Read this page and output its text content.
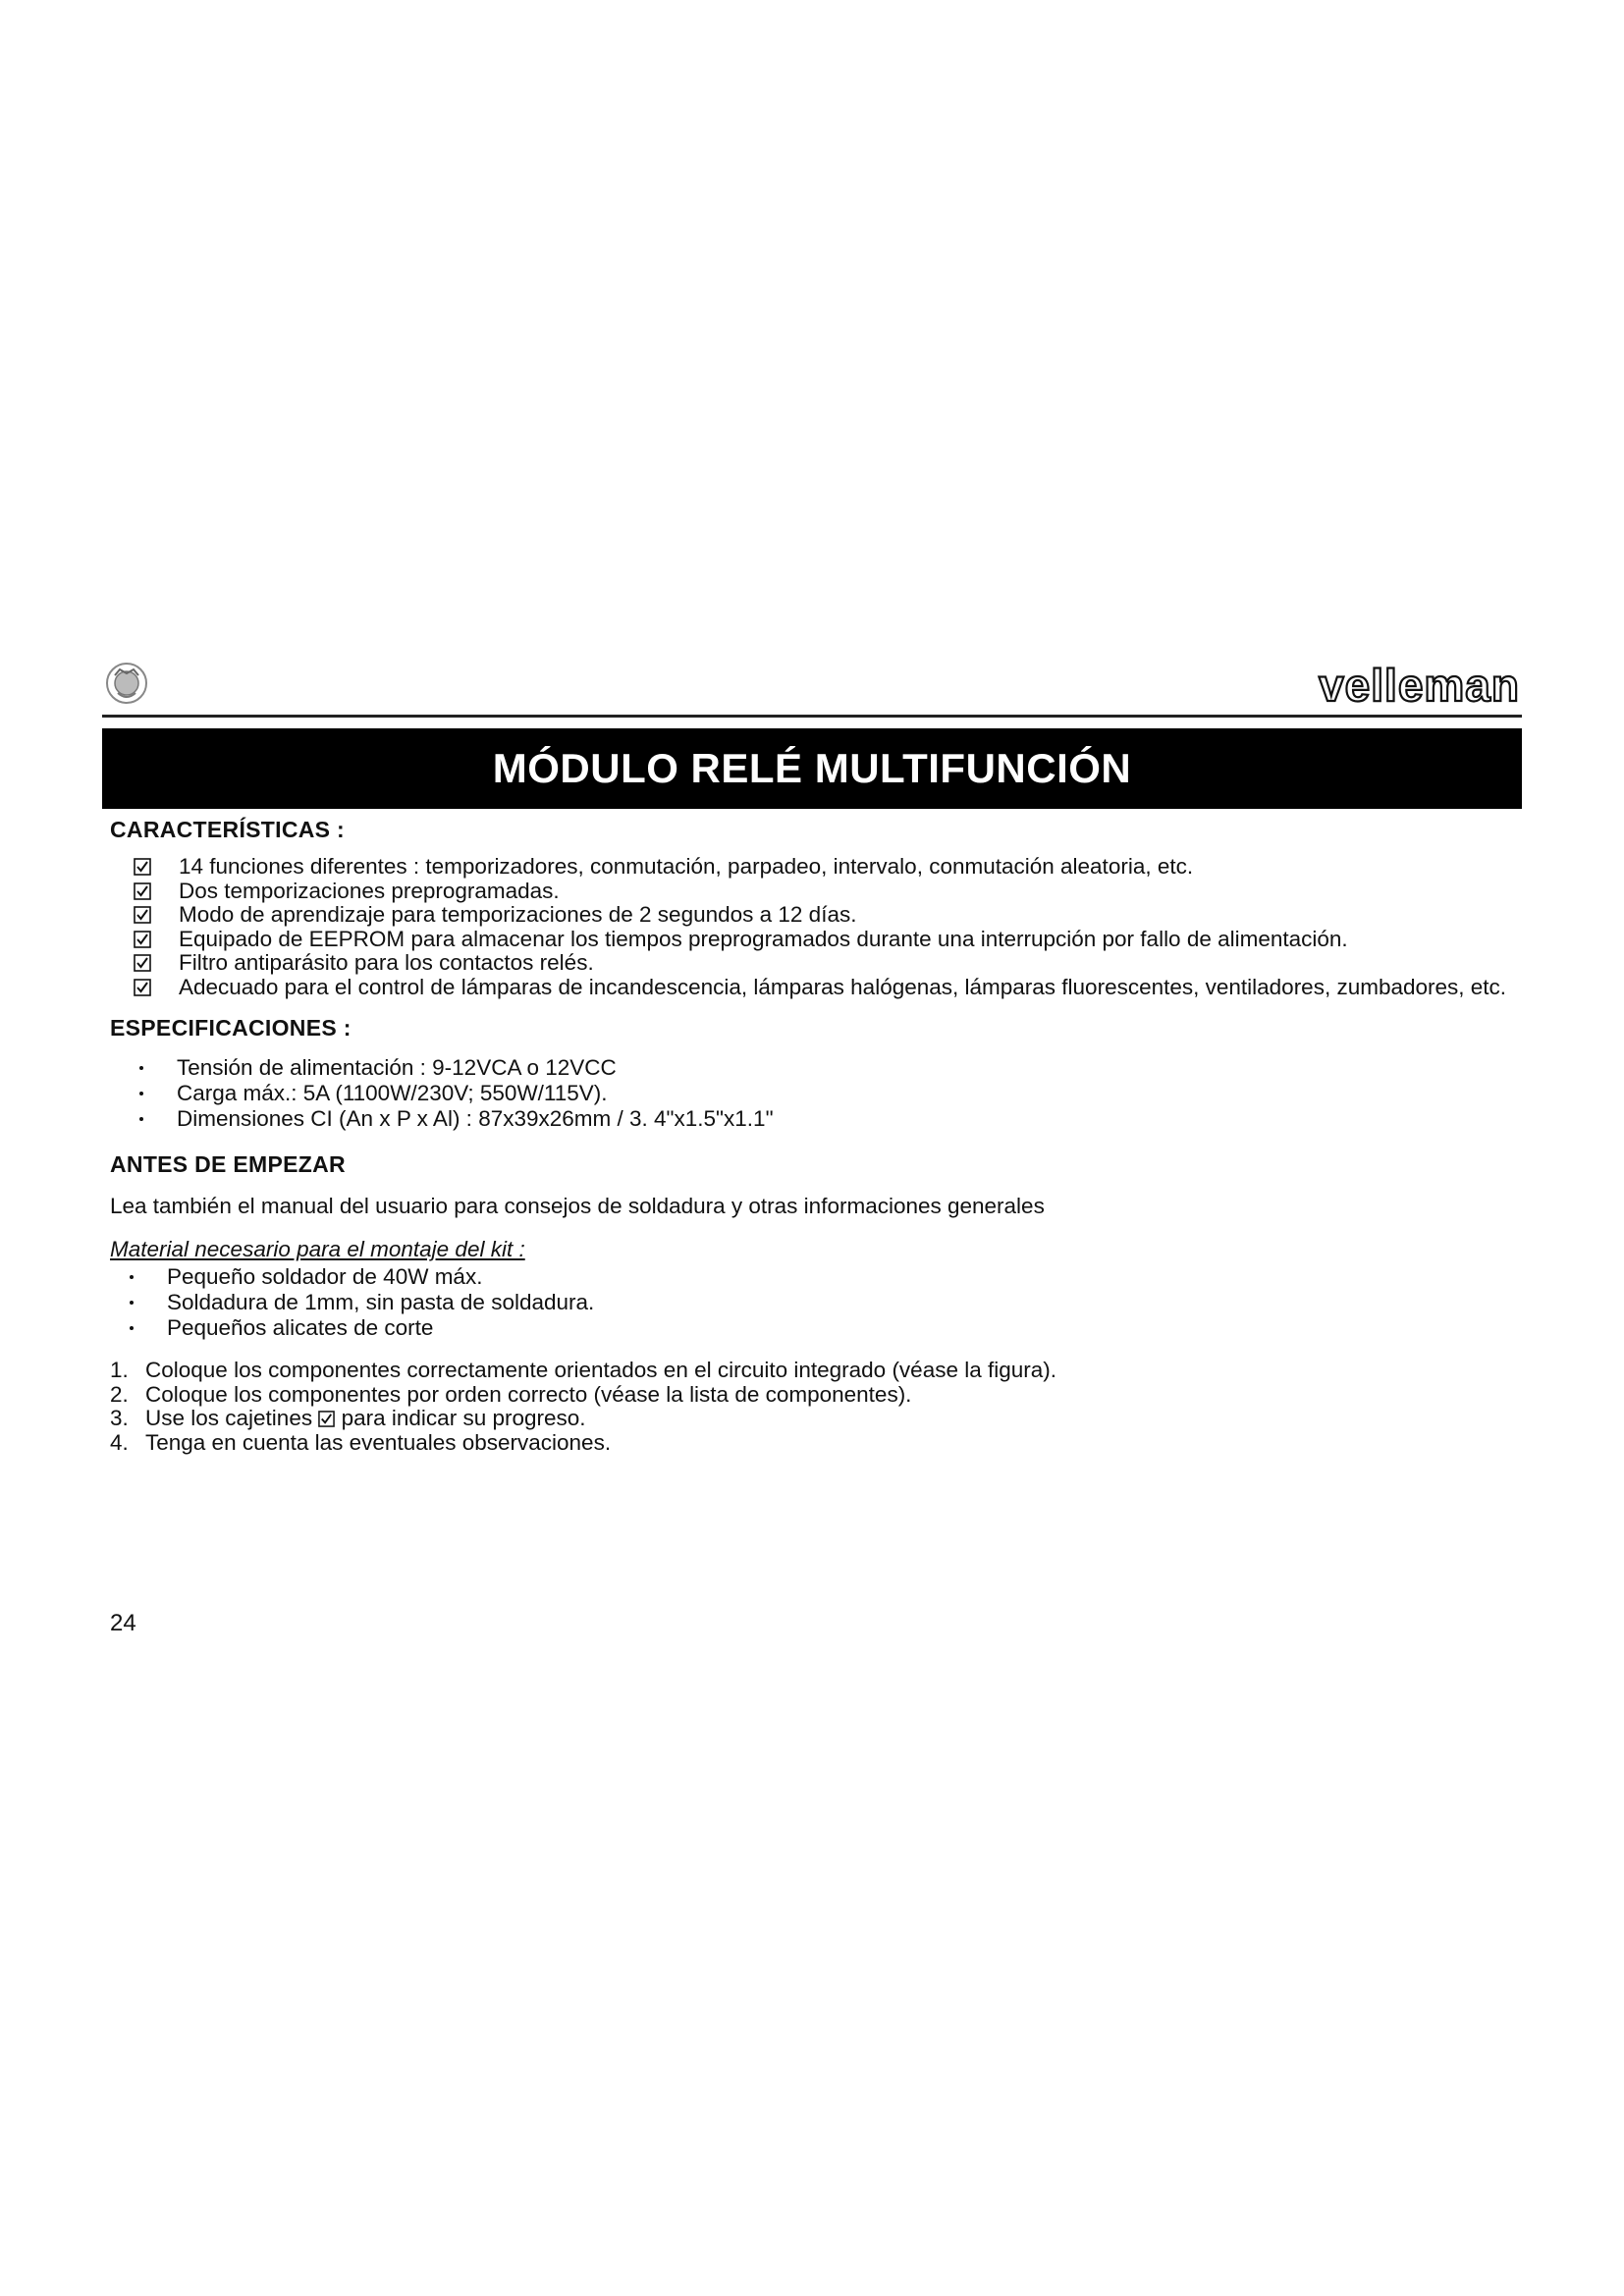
velleman
MÓDULO RELÉ MULTIFUNCIÓN
CARACTERÍSTICAS :
14 funciones diferentes : temporizadores, conmutación, parpadeo, intervalo, conmutación aleatoria, etc.
Dos temporizaciones preprogramadas.
Modo de aprendizaje para temporizaciones de 2 segundos a 12 días.
Equipado de EEPROM para almacenar los tiempos preprogramados durante una interrupción por fallo de alimentación.
Filtro antiparásito para los contactos relés.
Adecuado para el control de lámparas de incandescencia, lámparas halógenas, lámparas fluorescentes, ventiladores, zumbadores, etc.
ESPECIFICACIONES :
Tensión de alimentación : 9-12VCA o 12VCC
Carga máx.: 5A (1100W/230V; 550W/115V).
Dimensiones CI (An x P x Al) : 87x39x26mm / 3. 4"x1.5"x1.1"
ANTES DE EMPEZAR

Lea también el manual del usuario para consejos de soldadura y otras informaciones generales

Material necesario para el montaje del kit :

Pequeño soldador de 40W máx.
Soldadura de 1mm, sin pasta de soldadura.
Pequeños alicates de corte
1. Coloque los componentes correctamente orientados en el circuito integrado (véase la figura).
2. Coloque los componentes por orden correcto (véase la lista de componentes).
3. Use los cajetines para indicar su progreso.
4. Tenga en cuenta las eventuales observaciones.
24
